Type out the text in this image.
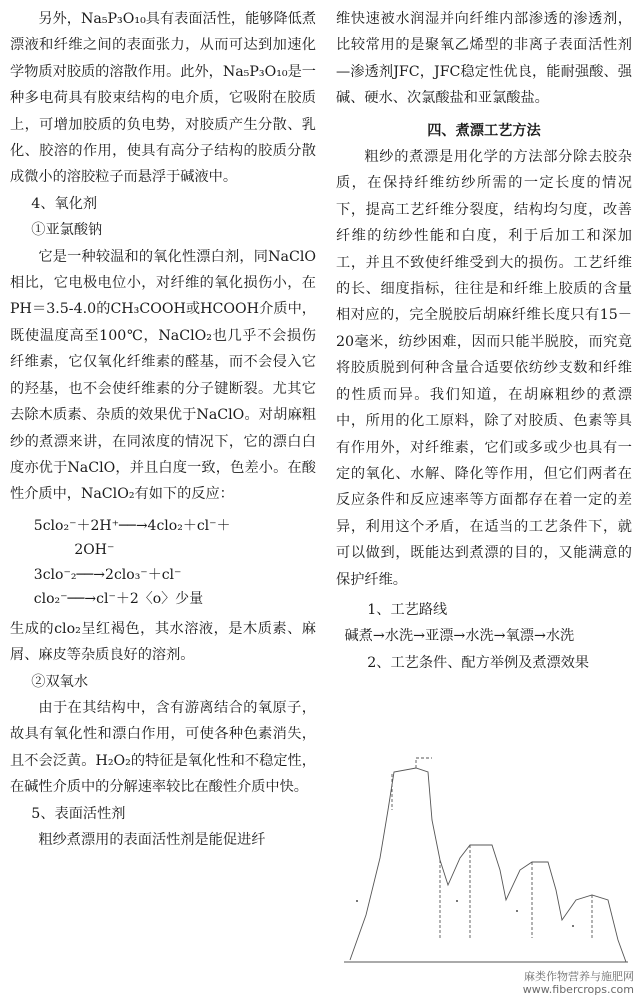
另外，Na₅P₃O₁₀具有表面活性，能够降低煮漂液和纤维之间的表面张力，从而可达到加速化学物质对胶质的溶散作用。此外，Na₅P₃O₁₀是一种多电荷具有胶束结构的电介质，它吸附在胶质上，可增加胶质的负电势，对胶质产生分散、乳化、胶溶的作用，使具有高分子结构的胶质分散成微小的溶胶粒子而悬浮于碱液中。

4、氧化剂

①亚氯酸钠

它是一种较温和的氧化性漂白剂，同NaClO相比，它电极电位小，对纤维的氧化损伤小，在PH＝3.5-4.0的CH₃COOH或HCOOH介质中，既使温度高至100℃，NaClO₂也几乎不会损伤纤维素，它仅氧化纤维素的醛基，而不会侵入它的羟基，也不会使纤维素的分子键断裂。尤其它去除木质素、杂质的效果优于NaClO。对胡麻粗纱的煮漂来讲，在同浓度的情况下，它的漂白白度亦优于NaClO，并且白度一致，色差小。在酸性介质中，NaClO₂有如下的反应：

5clo₂⁻＋2H⁺──→4clo₂＋cl⁻＋

2OH⁻

3clo⁻₂──→2clo₃⁻＋cl⁻

clo₂⁻──→cl⁻＋2〈o〉少量

生成的clo₂呈红褐色，其水溶液，是木质素、麻屑、麻皮等杂质良好的溶剂。

②双氧水

由于在其结构中，含有游离结合的氧原子，故具有氧化性和漂白作用，可使各种色素消失，且不会泛黄。H₂O₂的特征是氧化性和不稳定性，在碱性介质中的分解速率较比在酸性介质中快。

5、表面活性剂

粗纱煮漂用的表面活性剂是能促进纤

维快速被水润湿并向纤维内部渗透的渗透剂，比较常用的是聚氧乙烯型的非离子表面活性剂—渗透剂JFC，JFC稳定性优良，能耐强酸、强碱、硬水、次氯酸盐和亚氯酸盐。

四、煮漂工艺方法

粗纱的煮漂是用化学的方法部分除去胶杂质，在保持纤维纺纱所需的一定长度的情况下，提高工艺纤维分裂度，结构均匀度，改善纤维的纺纱性能和白度，利于后加工和深加工，并且不致使纤维受到大的损伤。工艺纤维的长、细度指标，往往是和纤维上胶质的含量相对应的，完全脱胶后胡麻纤维长度只有15－20毫米，纺纱困难，因而只能半脱胶，而究竟将胶质脱到何种含量合适要依纺纱支数和纤维的性质而异。我们知道，在胡麻粗纱的煮漂中，所用的化工原料，除了对胶质、色素等具有作用外，对纤维素，它们或多或少也具有一定的氧化、水解、降化等作用，但它们两者在反应条件和反应速率等方面都存在着一定的差异，利用这个矛盾，在适当的工艺条件下，就可以做到，既能达到煮漂的目的，又能满意的保护纤维。

1、工艺路线

碱煮→水洗→亚漂→水洗→氧漂→水洗

2、工艺条件、配方举例及煮漂效果

麻类作物营养与施肥网
www.fibercrops.com
